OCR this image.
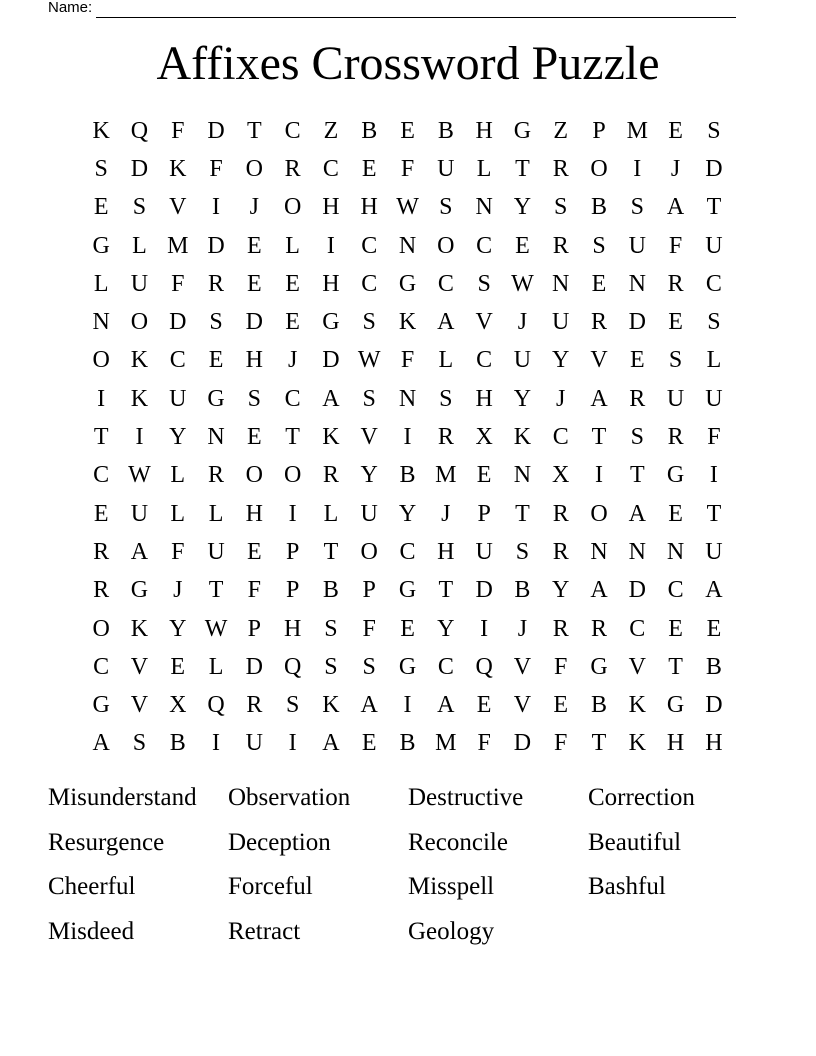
Name:
Affixes Crossword Puzzle
K Q F D T C Z B E B H G Z	P M E	S
S D K F O R C E	F U L T R O	I	J	D
E	S V	I	J	O H H W S N Y S B S A T
G L M D E L	I	C N O C E R S U F U
L U F R E E H C G C S W N E N R C
N O D S D E G S K A V	J	U R D E	S
O K C E H	J	D W F	L C U Y V E	S	L
I	K U G S C A S N S H Y	J	A R U U
T	I	Y N E T K V	I	R X K C T	S R F
C W L R O O R Y B M E N X	I	T G	I
E U L L H	I	L U Y	J	P	T R O A E T
R A F U E	P	T O C H U S R N N N U
R G	J	T	F	P B P G T D B Y A D C A
O K Y W P H S	F	E Y	I	J	R R C E E
C V E L D Q S	S G C Q V F G V T B
G V X Q R S K A	I	A E V E B K G D
A S B	I	U	I	A E B M F D F	T K H H
Misunderstand	Observation	Destructive	Correction
Resurgence	Deception	Reconcile	Beautiful
Cheerful	Forceful	Misspell	Bashful
Misdeed	Retract	Geology
